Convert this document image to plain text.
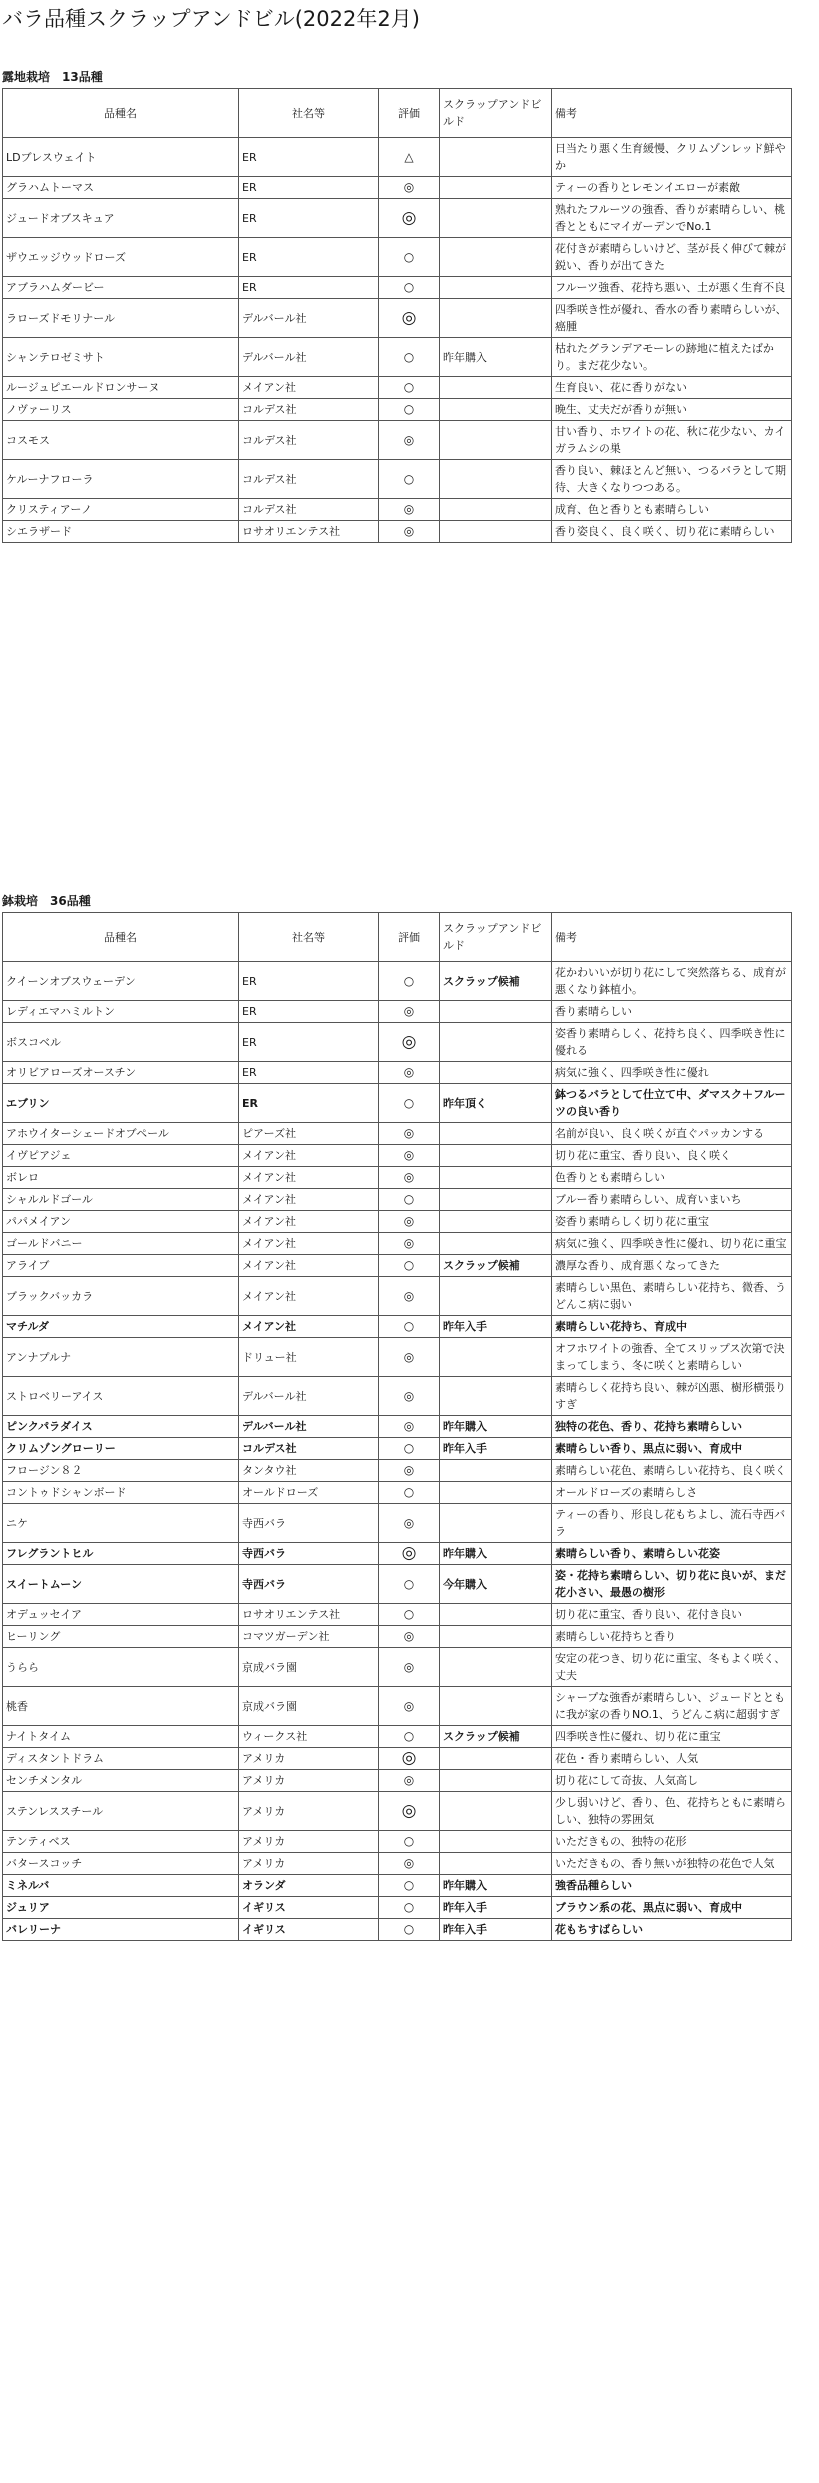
バラ品種スクラップアンドビル(2022年2月)
露地栽培　13品種
品種名	社名等	評価	スクラップアンドビルド	備考
LDブレスウェイト	ER	△		日当たり悪く生育緩慢、クリムゾンレッド鮮やか
グラハムトーマス	ER	◎		ティーの香りとレモンイエローが素敵
ジュードオブスキュア	ER	◎		熟れたフルーツの強香、香りが素晴らしい、桃香とともにマイガーデンでNo.1
ザウエッジウッドローズ	ER	○		花付きが素晴らしいけど、茎が長く伸びて棘が鋭い、香りが出てきた
アブラハムダービー	ER	○		フルーツ強香、花持ち悪い、土が悪く生育不良
ラローズドモリナール	デルバール社	◎		四季咲き性が優れ、香水の香り素晴らしいが、癌腫
シャンテロゼミサト	デルバール社	○	昨年購入	枯れたグランデアモーレの跡地に植えたばかり。まだ花少ない。
ルージュピエールドロンサーヌ	メイアン社	○		生育良い、花に香りがない
ノヴァーリス	コルデス社	○		晩生、丈夫だが香りが無い
コスモス	コルデス社	◎		甘い香り、ホワイトの花、秋に花少ない、カイガラムシの巣
ケルーナフローラ	コルデス社	○		香り良い、棘ほとんど無い、つるバラとして期待、大きくなりつつある。
クリスティアーノ	コルデス社	◎		成育、色と香りとも素晴らしい
シエラザード	ロサオリエンテス社	◎		香り姿良く、良く咲く、切り花に素晴らしい
鉢栽培　36品種
品種名	社名等	評価	スクラップアンドビルド	備考
クイーンオブスウェーデン	ER	○	スクラップ候補	花かわいいが切り花にして突然落ちる、成育が悪くなり鉢植小。
レディエマハミルトン	ER	◎		香り素晴らしい
ボスコベル	ER	◎		姿香り素晴らしく、花持ち良く、四季咲き性に優れる
オリビアローズオースチン	ER	◎		病気に強く、四季咲き性に優れ
エブリン	ER	○	昨年頂く	鉢つるバラとして仕立て中、ダマスク＋フルーツの良い香り
アホウイターシェードオブペール	ピアーズ社	◎		名前が良い、良く咲くが直ぐパッカンする
イヴピアジェ	メイアン社	◎		切り花に重宝、香り良い、良く咲く
ボレロ	メイアン社	◎		色香りとも素晴らしい
シャルルドゴール	メイアン社	○		ブルー香り素晴らしい、成育いまいち
パパメイアン	メイアン社	◎		姿香り素晴らしく切り花に重宝
ゴールドバニー	メイアン社	◎		病気に強く、四季咲き性に優れ、切り花に重宝
アライブ	メイアン社	○	スクラップ候補	濃厚な香り、成育悪くなってきた
ブラックバッカラ	メイアン社	◎		素晴らしい黒色、素晴らしい花持ち、微香、うどんこ病に弱い
マチルダ	メイアン社	○	昨年入手	素晴らしい花持ち、育成中
アンナプルナ	ドリュー社	◎		オフホワイトの強香、全てスリップス次第で決まってしまう、冬に咲くと素晴らしい
ストロベリーアイス	デルバール社	◎		素晴らしく花持ち良い、棘が凶悪、樹形横張りすぎ
ピンクパラダイス	デルバール社	◎	昨年購入	独特の花色、香り、花持ち素晴らしい
クリムゾングローリー	コルデス社	○	昨年入手	素晴らしい香り、黒点に弱い、育成中
フロージン８２	タンタウ社	◎		素晴らしい花色、素晴らしい花持ち、良く咲く
コントゥドシャンボード	オールドローズ	○		オールドローズの素晴らしさ
ニケ	寺西バラ	◎		ティーの香り、形良し花もちよし、流石寺西バラ
フレグラントヒル	寺西バラ	◎	昨年購入	素晴らしい香り、素晴らしい花姿
スイートムーン	寺西バラ	○	今年購入	姿・花持ち素晴らしい、切り花に良いが、まだ花小さい、最愚の樹形
オデュッセイア	ロサオリエンテス社	○		切り花に重宝、香り良い、花付き良い
ヒーリング	コマツガーデン社	◎		素晴らしい花持ちと香り
うらら	京成バラ園	◎		安定の花つき、切り花に重宝、冬もよく咲く、丈夫
桃香	京成バラ園	◎		シャープな強香が素晴らしい、ジュードとともに我が家の香りNO.1、うどんこ病に超弱すぎ
ナイトタイム	ウィークス社	○	スクラップ候補	四季咲き性に優れ、切り花に重宝
ディスタントドラム	アメリカ	◎		花色・香り素晴らしい、人気
センチメンタル	アメリカ	◎		切り花にして奇抜、人気高し
ステンレススチール	アメリカ	◎		少し弱いけど、香り、色、花持ちともに素晴らしい、独特の雰囲気
テンティベス	アメリカ	○		いただきもの、独特の花形
バタースコッチ	アメリカ	◎		いただきもの、香り無いが独特の花色で人気
ミネルバ	オランダ	○	昨年購入	強香品種らしい
ジュリア	イギリス	○	昨年入手	ブラウン系の花、黒点に弱い、育成中
バレリーナ	イギリス	○	昨年入手	花もちすばらしい
